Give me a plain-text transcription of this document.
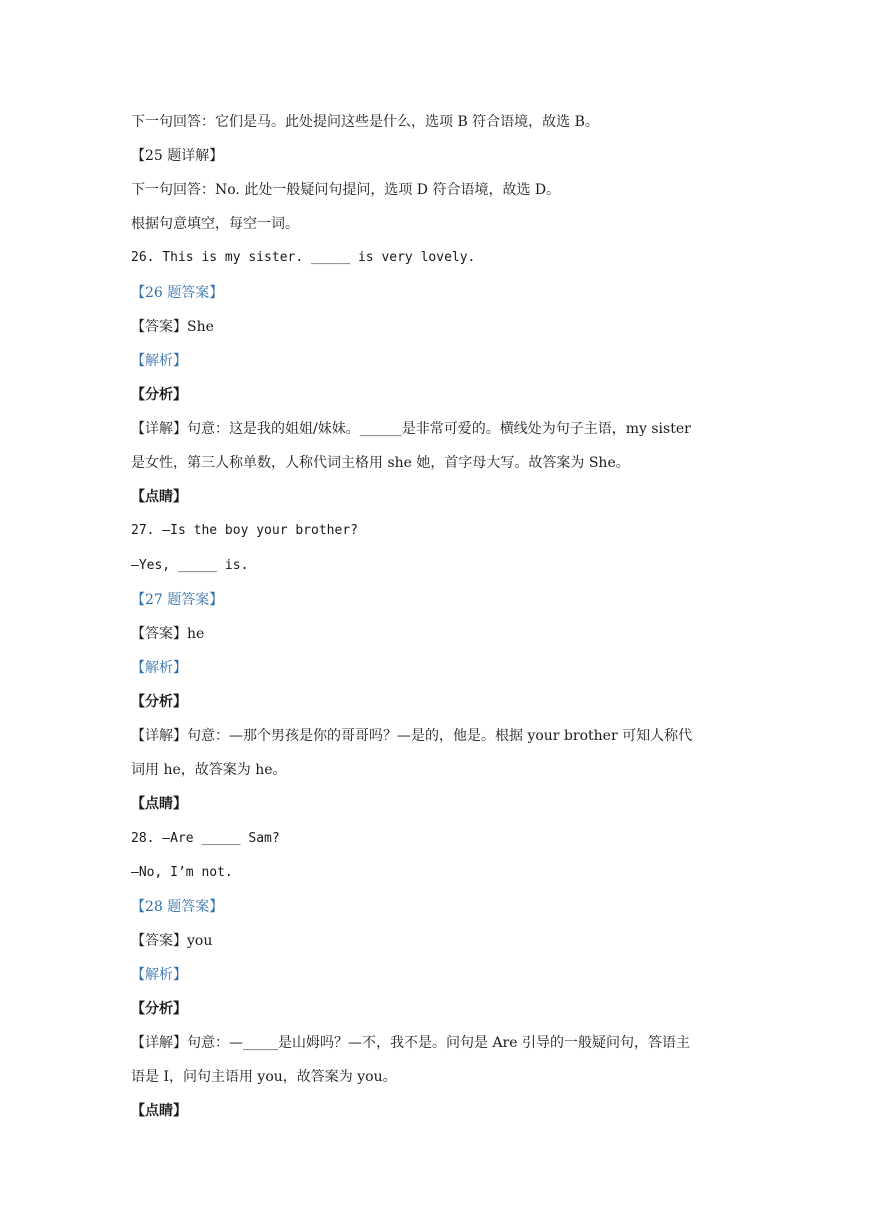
下一句回答：它们是马。此处提问这些是什么，选项 B 符合语境，故选 B。
【25 题详解】
下一句回答：No. 此处一般疑问句提问，选项 D 符合语境，故选 D。
根据句意填空，每空一词。
26. This is my sister. _____ is very lovely.
【26 题答案】
【答案】She
【解析】
【分析】
【详解】句意：这是我的姐姐/妹妹。______是非常可爱的。横线处为句子主语，my sister
是女性，第三人称单数，人称代词主格用 she 她，首字母大写。故答案为 She。
【点睛】
27. —Is the boy your brother?
—Yes, _____ is.
【27 题答案】
【答案】he
【解析】
【分析】
【详解】句意：—那个男孩是你的哥哥吗？—是的，他是。根据 your brother 可知人称代
词用 he，故答案为 he。
【点睛】
28. —Are _____ Sam?
—No, I’m not.
【28 题答案】
【答案】you
【解析】
【分析】
【详解】句意：—_____是山姆吗？—不，我不是。问句是 Are 引导的一般疑问句，答语主
语是 I，问句主语用 you，故答案为 you。
【点睛】
